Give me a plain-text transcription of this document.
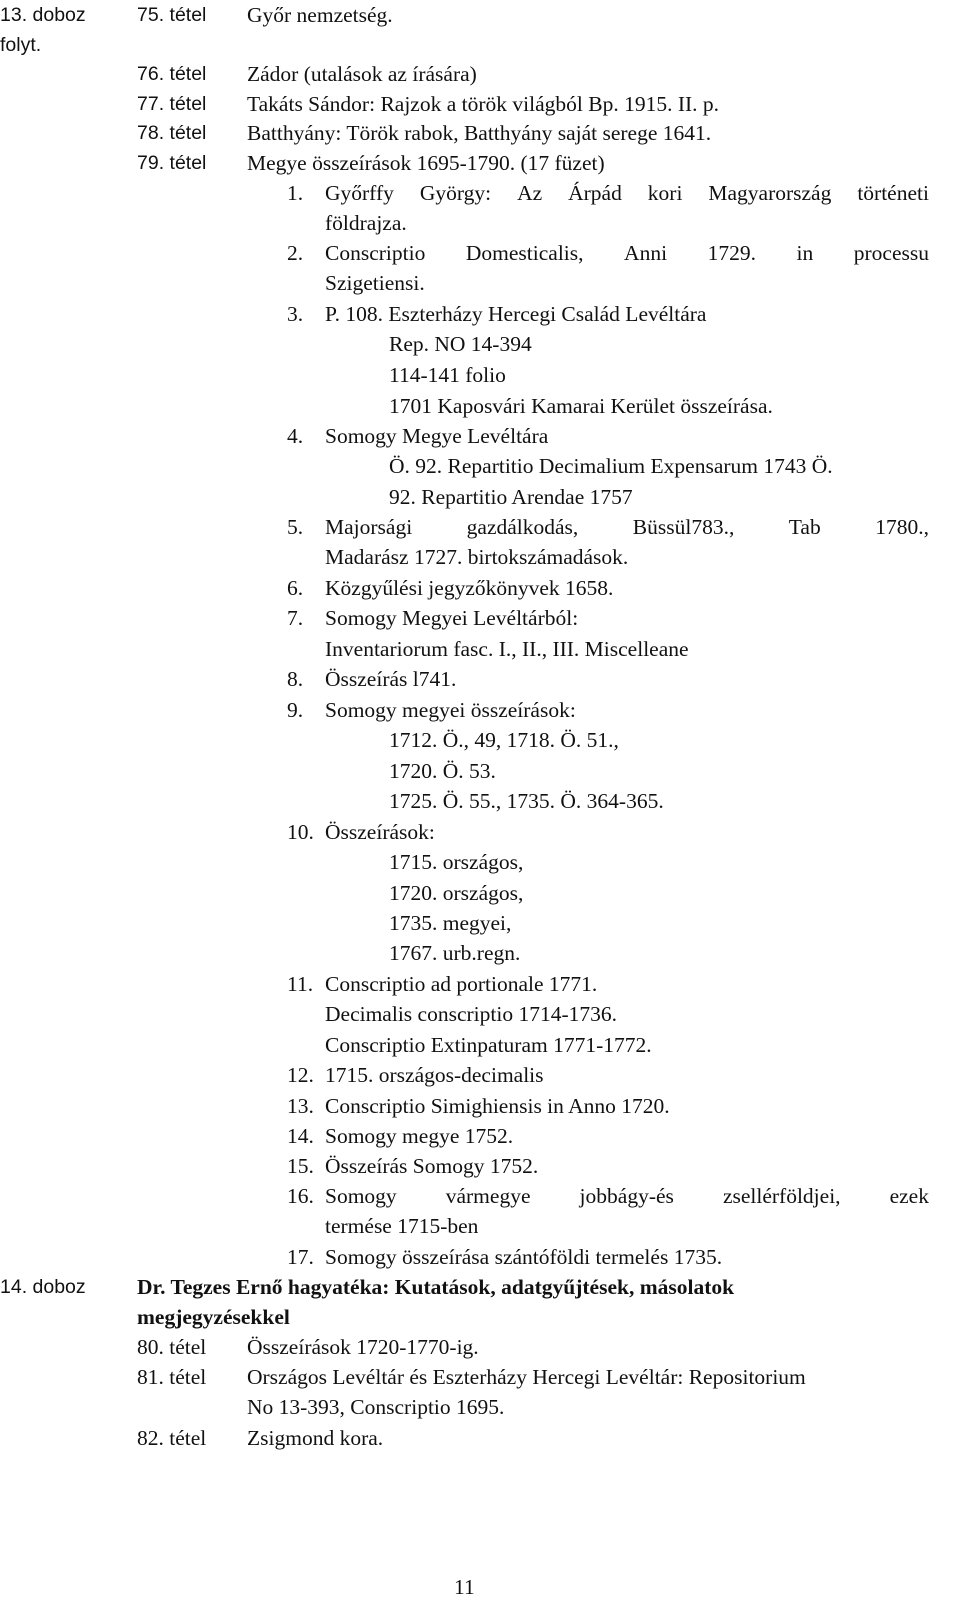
13. doboz
folyt.
75. tétel Győr nemzetség.
76. tétel Zádor (utalások az írására)
77. tétel Takáts Sándor: Rajzok a török világból Bp. 1915. II. p.
78. tétel Batthyány: Török rabok, Batthyány saját serege 1641.
79. tétel Megye összeírások 1695-1790. (17 füzet)
1. Győrffy György: Az Árpád kori Magyarország történeti
földrajza.
2. Conscriptio Domesticalis, Anni 1729. in processu
Szigetiensi.
3. P. 108. Eszterházy Hercegi Család Levéltára
Rep. NO 14-394
114-141 folio
1701 Kaposvári Kamarai Kerület összeírása.
4. Somogy Megye Levéltára
Ö. 92. Repartitio Decimalium Expensarum 1743 Ö.
92. Repartitio Arendae 1757
5. Majorsági	gazdálkodás,	Büssül783.,	Tab	1780.,
Madarász 1727. birtokszámadások.
6. Közgyűlési jegyzőkönyvek 1658.
7. Somogy Megyei Levéltárból:
Inventariorum fasc. I., II., III. Miscelleane
8. Összeírás l741.
9. Somogy megyei összeírások:
1712. Ö., 49, 1718. Ö. 51.,
1720. Ö. 53.
1725. Ö. 55., 1735. Ö. 364-365.
10. Összeírások:
1715. országos,
1720. országos,
1735. megyei,
1767. urb.regn.
11. Conscriptio ad portionale 1771.
Decimalis conscriptio 1714-1736.
Conscriptio Extinpaturam 1771-1772.
12. 1715. országos-decimalis
13. Conscriptio Simighiensis in Anno 1720.
14. Somogy megye 1752.
15. Összeírás Somogy 1752.
16. Somogy vármegye jobbágy-és zsellérföldjei, ezek
termése 1715-ben
17. Somogy összeírása szántóföldi termelés 1735.
14. doboz Dr. Tegzes Ernő hagyatéka: Kutatások, adatgyűjtések, másolatok
megjegyzésekkel
80. tétel Összeírások 1720-1770-ig.
81. tétel Országos Levéltár és Eszterházy Hercegi Levéltár: Repositorium
No 13-393, Conscriptio 1695.
82. tétel Zsigmond kora.
11
